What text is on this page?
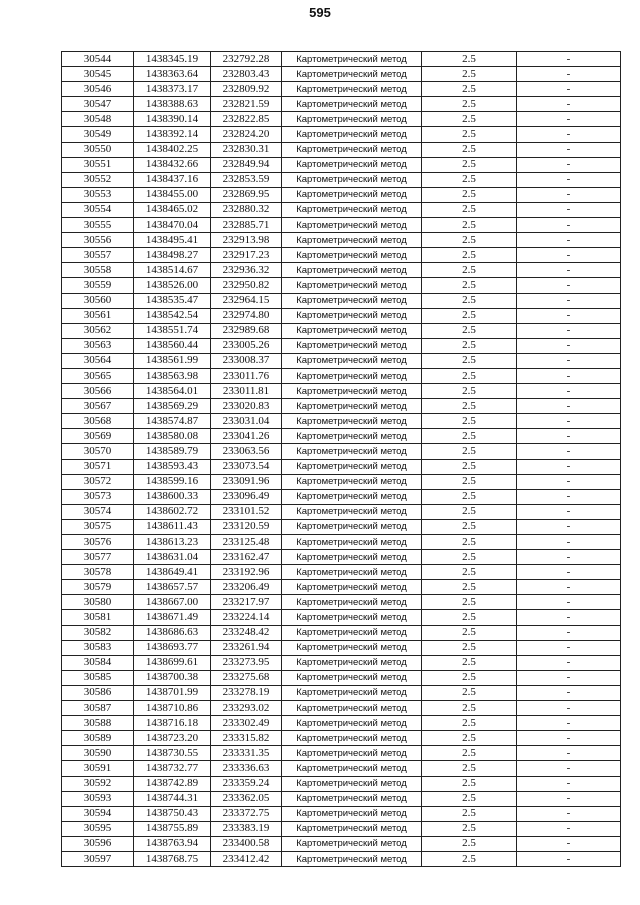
595
30544	1438345.19	232792.28	Картометрический метод	2.5	-
30545	1438363.64	232803.43	Картометрический метод	2.5	-
30546	1438373.17	232809.92	Картометрический метод	2.5	-
30547	1438388.63	232821.59	Картометрический метод	2.5	-
30548	1438390.14	232822.85	Картометрический метод	2.5	-
30549	1438392.14	232824.20	Картометрический метод	2.5	-
30550	1438402.25	232830.31	Картометрический метод	2.5	-
30551	1438432.66	232849.94	Картометрический метод	2.5	-
30552	1438437.16	232853.59	Картометрический метод	2.5	-
30553	1438455.00	232869.95	Картометрический метод	2.5	-
30554	1438465.02	232880.32	Картометрический метод	2.5	-
30555	1438470.04	232885.71	Картометрический метод	2.5	-
30556	1438495.41	232913.98	Картометрический метод	2.5	-
30557	1438498.27	232917.23	Картометрический метод	2.5	-
30558	1438514.67	232936.32	Картометрический метод	2.5	-
30559	1438526.00	232950.82	Картометрический метод	2.5	-
30560	1438535.47	232964.15	Картометрический метод	2.5	-
30561	1438542.54	232974.80	Картометрический метод	2.5	-
30562	1438551.74	232989.68	Картометрический метод	2.5	-
30563	1438560.44	233005.26	Картометрический метод	2.5	-
30564	1438561.99	233008.37	Картометрический метод	2.5	-
30565	1438563.98	233011.76	Картометрический метод	2.5	-
30566	1438564.01	233011.81	Картометрический метод	2.5	-
30567	1438569.29	233020.83	Картометрический метод	2.5	-
30568	1438574.87	233031.04	Картометрический метод	2.5	-
30569	1438580.08	233041.26	Картометрический метод	2.5	-
30570	1438589.79	233063.56	Картометрический метод	2.5	-
30571	1438593.43	233073.54	Картометрический метод	2.5	-
30572	1438599.16	233091.96	Картометрический метод	2.5	-
30573	1438600.33	233096.49	Картометрический метод	2.5	-
30574	1438602.72	233101.52	Картометрический метод	2.5	-
30575	1438611.43	233120.59	Картометрический метод	2.5	-
30576	1438613.23	233125.48	Картометрический метод	2.5	-
30577	1438631.04	233162.47	Картометрический метод	2.5	-
30578	1438649.41	233192.96	Картометрический метод	2.5	-
30579	1438657.57	233206.49	Картометрический метод	2.5	-
30580	1438667.00	233217.97	Картометрический метод	2.5	-
30581	1438671.49	233224.14	Картометрический метод	2.5	-
30582	1438686.63	233248.42	Картометрический метод	2.5	-
30583	1438693.77	233261.94	Картометрический метод	2.5	-
30584	1438699.61	233273.95	Картометрический метод	2.5	-
30585	1438700.38	233275.68	Картометрический метод	2.5	-
30586	1438701.99	233278.19	Картометрический метод	2.5	-
30587	1438710.86	233293.02	Картометрический метод	2.5	-
30588	1438716.18	233302.49	Картометрический метод	2.5	-
30589	1438723.20	233315.82	Картометрический метод	2.5	-
30590	1438730.55	233331.35	Картометрический метод	2.5	-
30591	1438732.77	233336.63	Картометрический метод	2.5	-
30592	1438742.89	233359.24	Картометрический метод	2.5	-
30593	1438744.31	233362.05	Картометрический метод	2.5	-
30594	1438750.43	233372.75	Картометрический метод	2.5	-
30595	1438755.89	233383.19	Картометрический метод	2.5	-
30596	1438763.94	233400.58	Картометрический метод	2.5	-
30597	1438768.75	233412.42	Картометрический метод	2.5	-
